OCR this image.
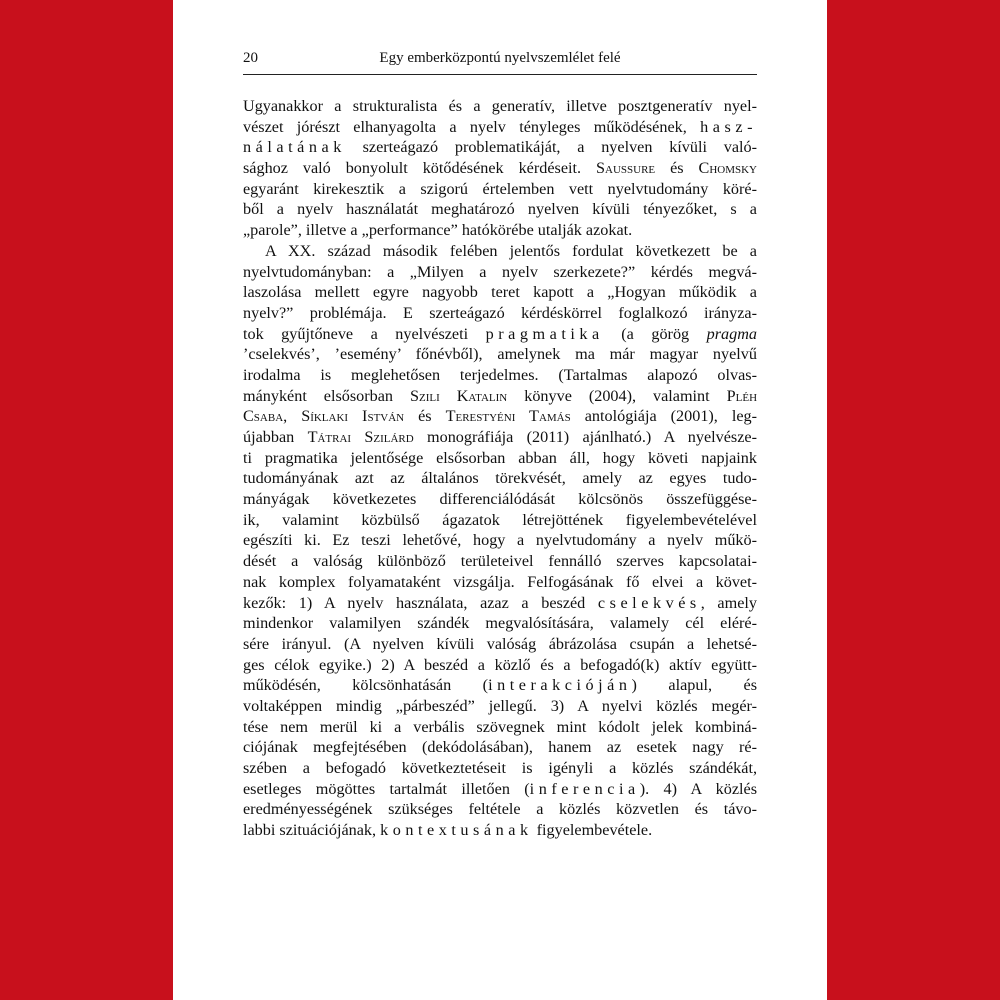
20	Egy emberközpontú nyelvszemlélet felé
Ugyanakkor a strukturalista és a generatív, illetve posztgeneratív nyel-
vészet jórészt elhanyagolta a nyelv tényleges működésének, hasz-
nálatának szerteágazó problematikáját, a nyelven kívüli való-
sághoz való bonyolult kötődésének kérdéseit. Saussure és Chomsky
egyaránt kirekesztik a szigorú értelemben vett nyelvtudomány köré-
ből a nyelv használatát meghatározó nyelven kívüli tényezőket, s a
„parole”, illetve a „performance” hatókörébe utalják azokat.
A XX. század második felében jelentős fordulat következett be a
nyelvtudományban: a „Milyen a nyelv szerkezete?” kérdés megvá-
laszolása mellett egyre nagyobb teret kapott a „Hogyan működik a
nyelv?” problémája. E szerteágazó kérdéskörrel foglalkozó irányza-
tok gyűjtőneve a nyelvészeti pragmatika (a görög pragma
’cselekvés’, ’esemény’ főnévből), amelynek ma már magyar nyelvű
irodalma is meglehetősen terjedelmes. (Tartalmas alapozó olvas-
mányként elsősorban Szili Katalin könyve (2004), valamint Pléh
Csaba, Síklaki István és Terestyéni Tamás antológiája (2001), leg-
újabban Tátrai Szilárd monográfiája (2011) ajánlható.) A nyelvésze-
ti pragmatika jelentősége elsősorban abban áll, hogy követi napjaink
tudományának azt az általános törekvését, amely az egyes tudo-
mányágak következetes differenciálódását kölcsönös összefüggése-
ik, valamint közbülső ágazatok létrejöttének figyelembevételével
egészíti ki. Ez teszi lehetővé, hogy a nyelvtudomány a nyelv műkö-
dését a valóság különböző területeivel fennálló szerves kapcsolatai-
nak komplex folyamataként vizsgálja. Felfogásának fő elvei a követ-
kezők: 1) A nyelv használata, azaz a beszéd cselekvés, amely
mindenkor valamilyen szándék megvalósítására, valamely cél eléré-
sére irányul. (A nyelven kívüli valóság ábrázolása csupán a lehetsé-
ges célok egyike.) 2) A beszéd a közlő és a befogadó(k) aktív együtt-
működésén, kölcsönhatásán (interakcióján) alapul, és
voltaképpen mindig „párbeszéd” jellegű. 3) A nyelvi közlés megér-
tése nem merül ki a verbális szövegnek mint kódolt jelek kombiná-
ciójának megfejtésében (dekódolásában), hanem az esetek nagy ré-
szében a befogadó következtetéseit is igényli a közlés szándékát,
esetleges mögöttes tartalmát illetően (inferencia). 4) A közlés
eredményességének szükséges feltétele a közlés közvetlen és távo-
labbi szituációjának, kontextusának figyelembevétele.
